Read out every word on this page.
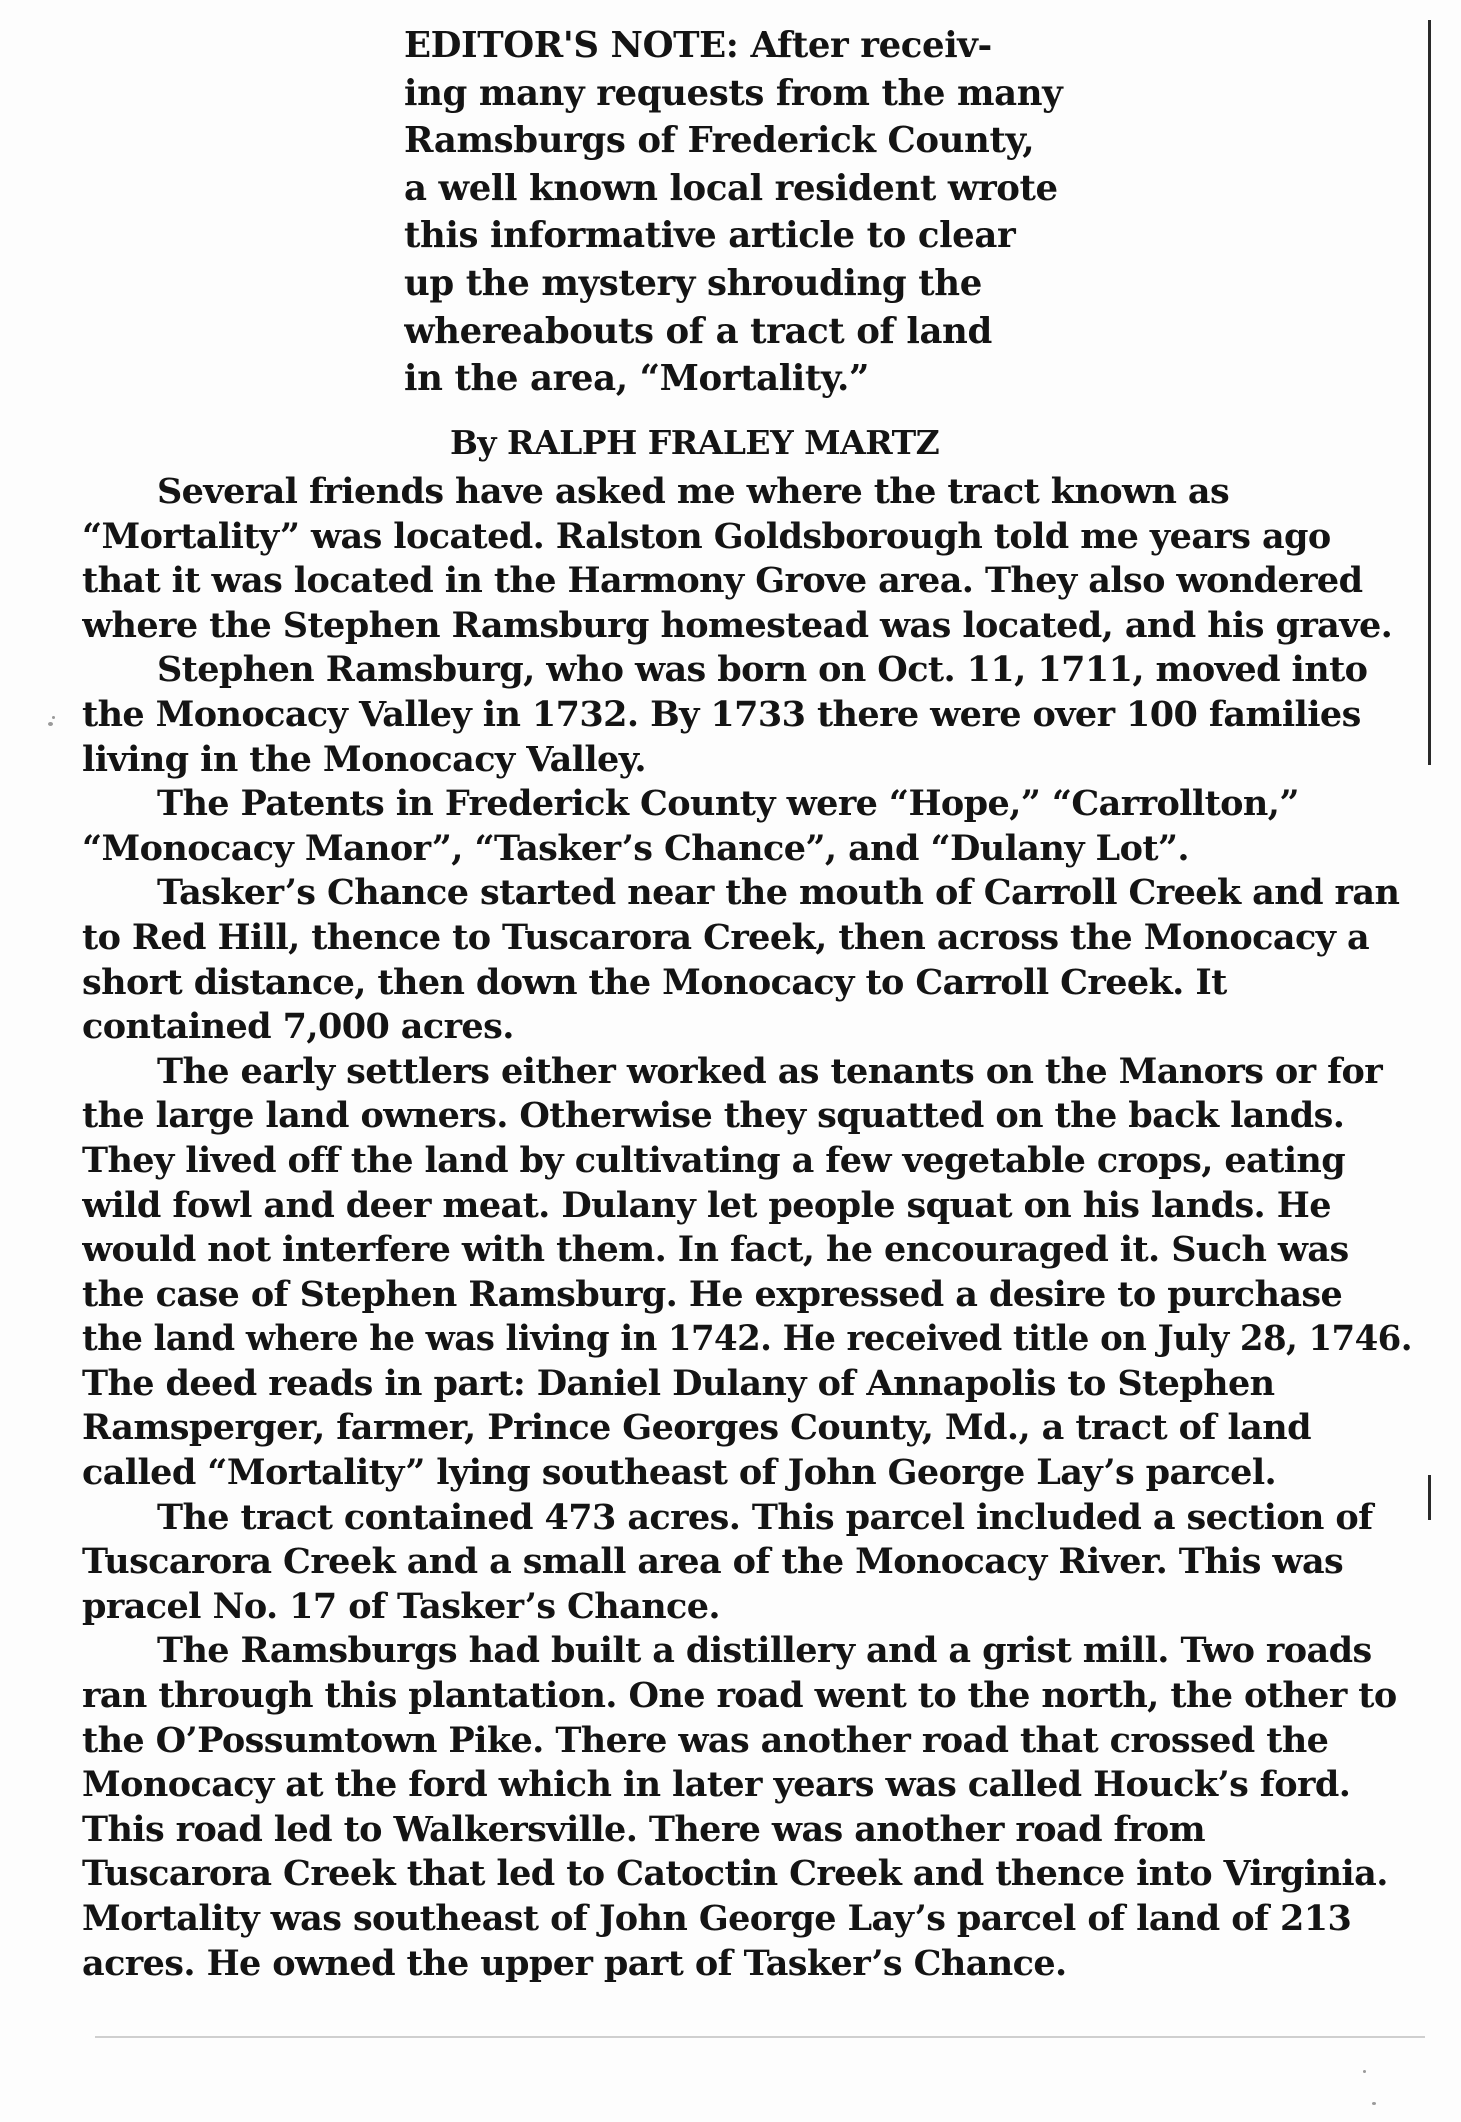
EDITOR'S NOTE: After receiv-
ing many requests from the many
Ramsburgs of Frederick County,
a well known local resident wrote
this informative article to clear
up the mystery shrouding the
whereabouts of a tract of land
in the area, “Mortality.”
By RALPH FRALEY MARTZ
Several friends have asked me where the tract known as
“Mortality” was located. Ralston Goldsborough told me years ago
that it was located in the Harmony Grove area. They also wondered
where the Stephen Ramsburg homestead was located, and his grave.
Stephen Ramsburg, who was born on Oct. 11, 1711, moved into
the Monocacy Valley in 1732. By 1733 there were over 100 families
living in the Monocacy Valley.
The Patents in Frederick County were “Hope,” “Carrollton,”
“Monocacy Manor”, “Tasker’s Chance”, and “Dulany Lot”.
Tasker’s Chance started near the mouth of Carroll Creek and ran
to Red Hill, thence to Tuscarora Creek, then across the Monocacy a
short distance, then down the Monocacy to Carroll Creek. It
contained 7,000 acres.
The early settlers either worked as tenants on the Manors or for
the large land owners. Otherwise they squatted on the back lands.
They lived off the land by cultivating a few vegetable crops, eating
wild fowl and deer meat. Dulany let people squat on his lands. He
would not interfere with them. In fact, he encouraged it. Such was
the case of Stephen Ramsburg. He expressed a desire to purchase
the land where he was living in 1742. He received title on July 28, 1746.
The deed reads in part: Daniel Dulany of Annapolis to Stephen
Ramsperger, farmer, Prince Georges County, Md., a tract of land
called “Mortality” lying southeast of John George Lay’s parcel.
The tract contained 473 acres. This parcel included a section of
Tuscarora Creek and a small area of the Monocacy River. This was
pracel No. 17 of Tasker’s Chance.
The Ramsburgs had built a distillery and a grist mill. Two roads
ran through this plantation. One road went to the north, the other to
the O’Possumtown Pike. There was another road that crossed the
Monocacy at the ford which in later years was called Houck’s ford.
This road led to Walkersville. There was another road from
Tuscarora Creek that led to Catoctin Creek and thence into Virginia.
Mortality was southeast of John George Lay’s parcel of land of 213
acres. He owned the upper part of Tasker’s Chance.
